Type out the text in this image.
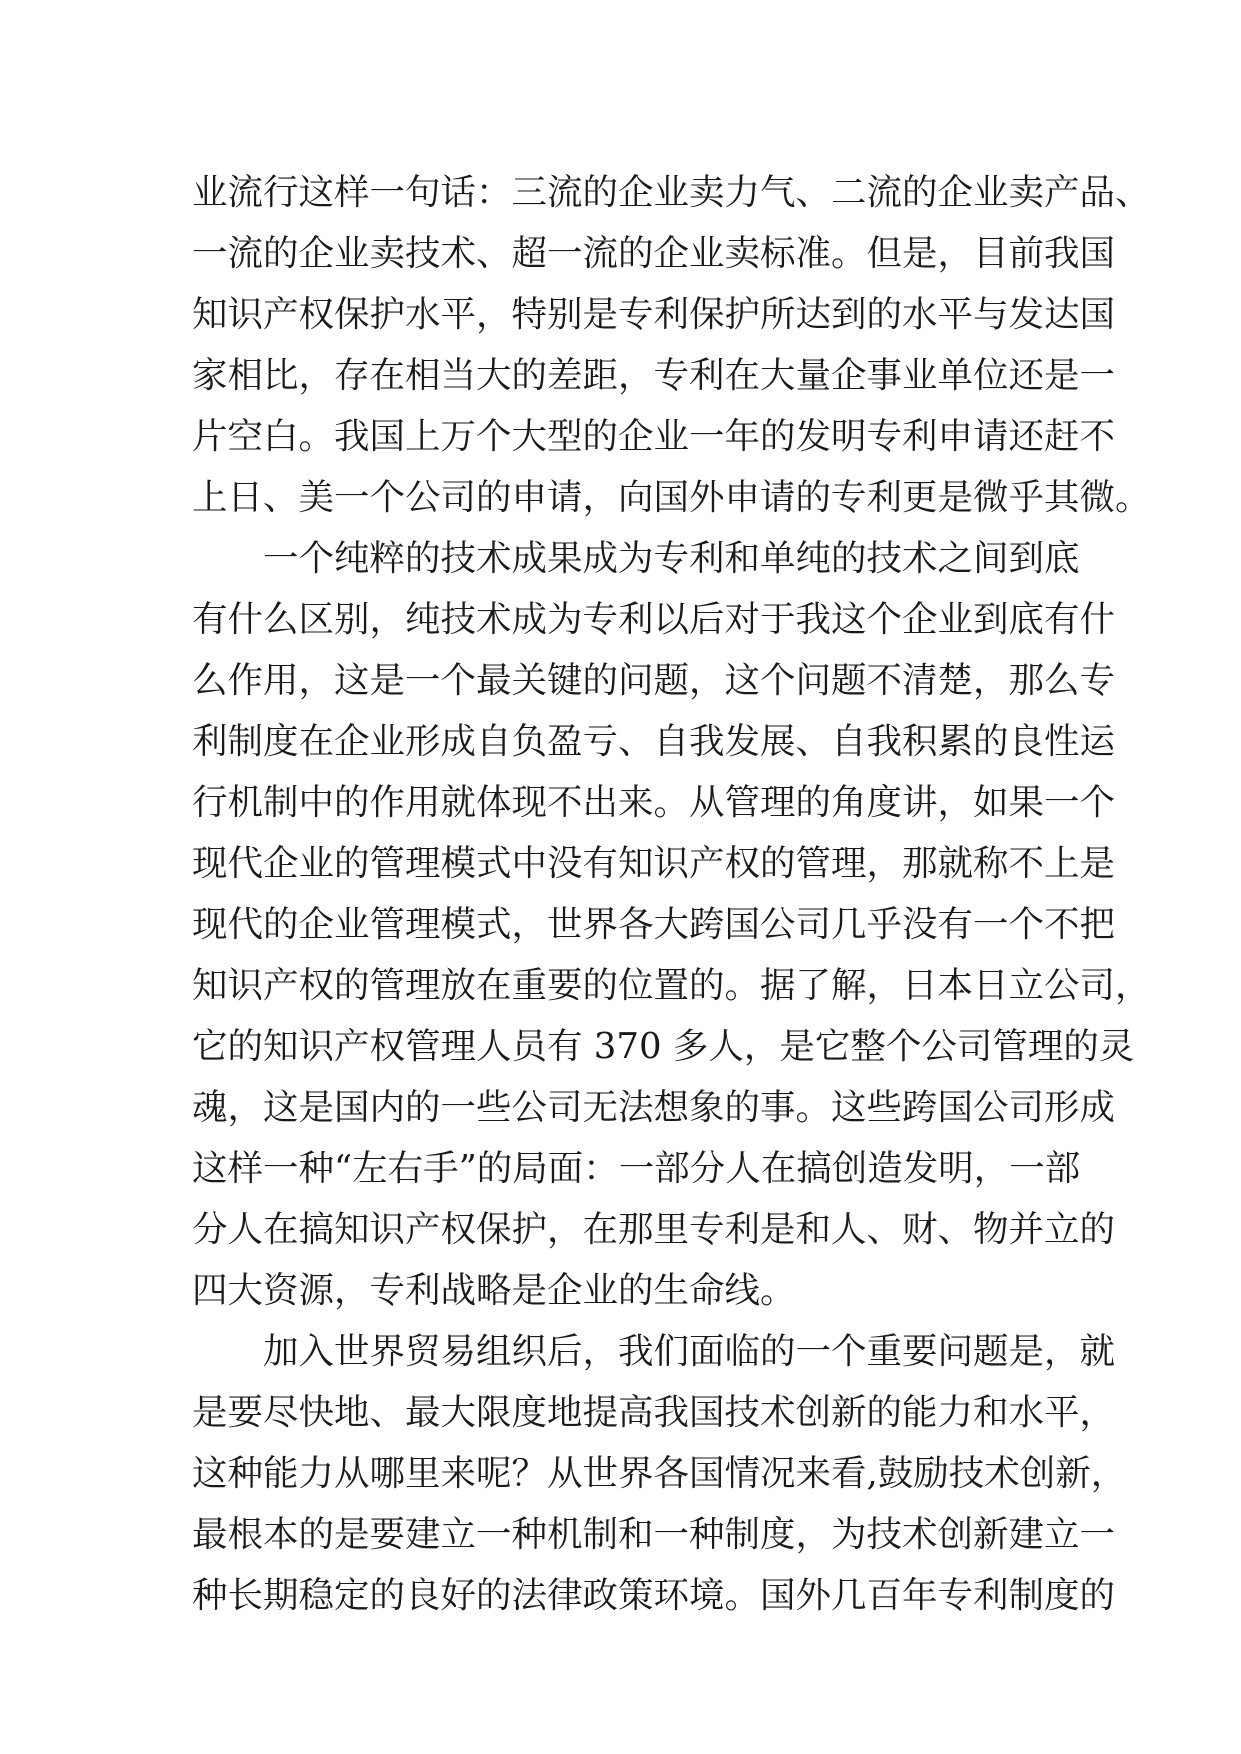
业流行这样一句话：三流的企业卖力气、二流的企业卖产品、
一流的企业卖技术、超一流的企业卖标准。但是，目前我国
知识产权保护水平，特别是专利保护所达到的水平与发达国
家相比，存在相当大的差距，专利在大量企事业单位还是一
片空白。我国上万个大型的企业一年的发明专利申请还赶不
上日、美一个公司的申请，向国外申请的专利更是微乎其微。
一个纯粹的技术成果成为专利和单纯的技术之间到底
有什么区别，纯技术成为专利以后对于我这个企业到底有什
么作用，这是一个最关键的问题，这个问题不清楚，那么专
利制度在企业形成自负盈亏、自我发展、自我积累的良性运
行机制中的作用就体现不出来。从管理的角度讲，如果一个
现代企业的管理模式中没有知识产权的管理，那就称不上是
现代的企业管理模式，世界各大跨国公司几乎没有一个不把
知识产权的管理放在重要的位置的。据了解，日本日立公司，
它的知识产权管理人员有 370 多人，是它整个公司管理的灵
魂，这是国内的一些公司无法想象的事。这些跨国公司形成
这样一种“左右手”的局面：一部分人在搞创造发明，一部
分人在搞知识产权保护，在那里专利是和人、财、物并立的
四大资源，专利战略是企业的生命线。
加入世界贸易组织后，我们面临的一个重要问题是，就
是要尽快地、最大限度地提高我国技术创新的能力和水平，
这种能力从哪里来呢？从世界各国情况来看,鼓励技术创新，
最根本的是要建立一种机制和一种制度，为技术创新建立一
种长期稳定的良好的法律政策环境。国外几百年专利制度的
